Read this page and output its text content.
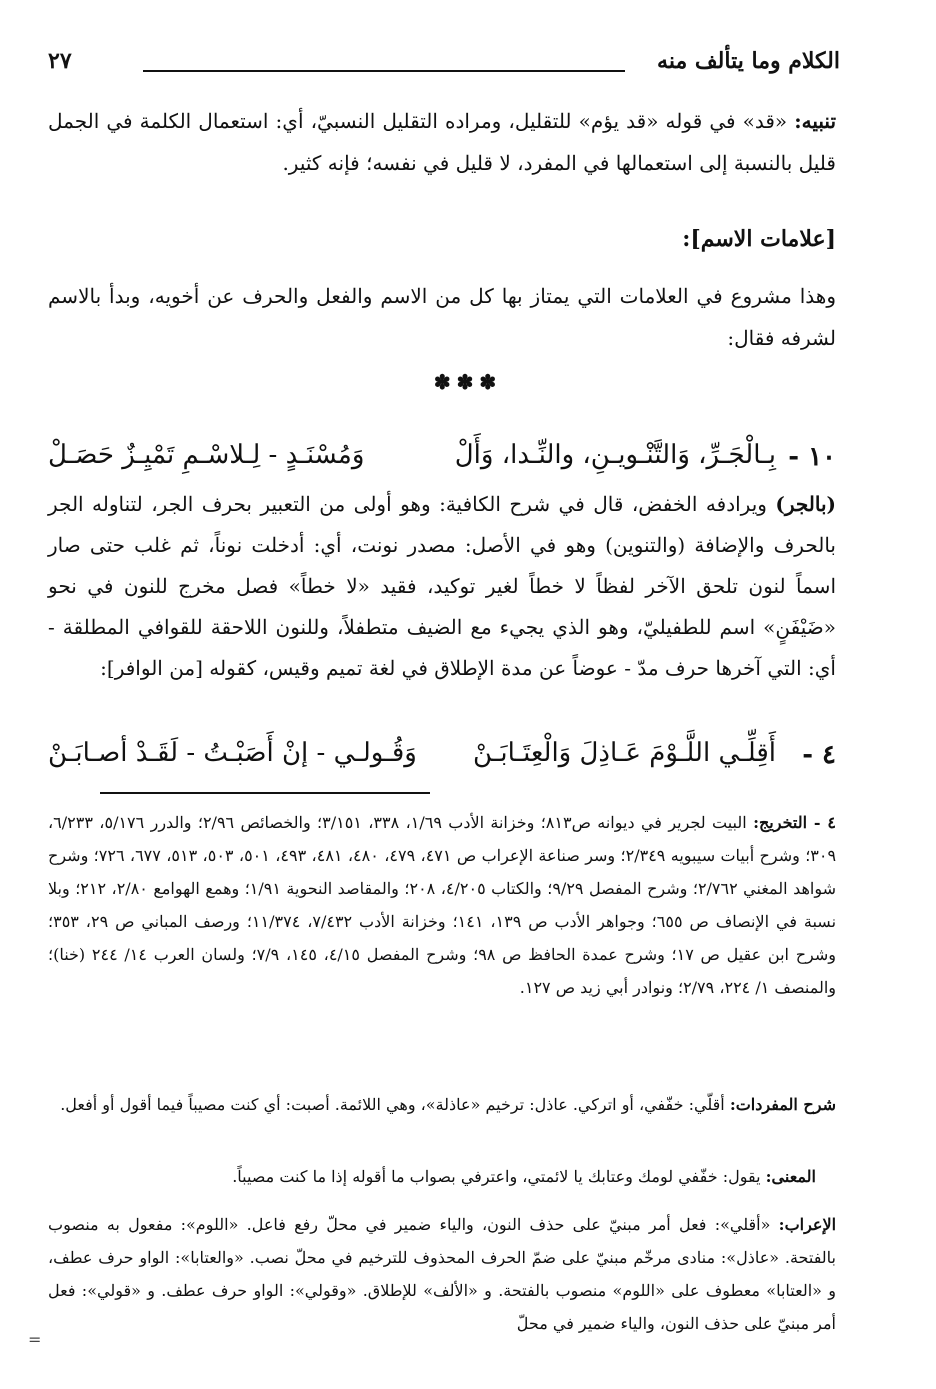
الكلام وما يتألف منه
٢٧
تنبيه: «قد» في قوله «قد يؤم» للتقليل، ومراده التقليل النسبيّ، أي: استعمال الكلمة في الجمل قليل بالنسبة إلى استعمالها في المفرد، لا قليل في نفسه؛ فإنه كثير.
[علامات الاسم]:
وهذا مشروع في العلامات التي يمتاز بها كل من الاسم والفعل والحرف عن أخويه، وبدأ بالاسم لشرفه فقال:
✽✽✽
١٠ -
بِـالْجَـرِّ، وَالتَّنْـويـنِ، والنِّـدا، وَأَلْ
وَمُسْنَـدٍ - لِـلاسْـمِ تَمْيِـزٌ حَصَـلْ
(بالجر) ويرادفه الخفض، قال في شرح الكافية: وهو أولى من التعبير بحرف الجر، لتناوله الجر بالحرف والإضافة (والتنوين) وهو في الأصل: مصدر نونت، أي: أدخلت نوناً، ثم غلب حتى صار اسماً لنون تلحق الآخر لفظاً لا خطاً لغير توكيد، فقيد «لا خطاً» فصل مخرج للنون في نحو «ضَيْفَنٍ» اسم للطفيليّ، وهو الذي يجيء مع الضيف متطفلاً، وللنون اللاحقة للقوافي المطلقة - أي: التي آخرها حرف مدّ - عوضاً عن مدة الإطلاق في لغة تميم وقيس، كقوله [من الوافر]:
٤ -
أَقِلِّـي اللَّـوْمَ عَـاذِلَ وَالْعِتَـابَـنْ
وَقُـولـي - إنْ أَصَبْـتُ - لَقَـدْ أصـابَـنْ
٤ - التخريج: البيت لجرير في ديوانه ص٨١٣؛ وخزانة الأدب ١/٦٩، ٣٣٨، ٣/١٥١؛ والخصائص ٢/٩٦؛ والدرر ٥/١٧٦، ٦/٢٣٣، ٣٠٩؛ وشرح أبيات سيبويه ٢/٣٤٩؛ وسر صناعة الإعراب ص ٤٧١، ٤٧٩، ٤٨٠، ٤٨١، ٤٩٣، ٥٠١، ٥٠٣، ٥١٣، ٦٧٧، ٧٢٦؛ وشرح شواهد المغني ٢/٧٦٢؛ وشرح المفصل ٩/٢٩؛ والكتاب ٤/٢٠٥، ٢٠٨؛ والمقاصد النحوية ١/٩١؛ وهمع الهوامع ٢/٨٠، ٢١٢؛ وبلا نسبة في الإنصاف ص ٦٥٥؛ وجواهر الأدب ص ١٣٩، ١٤١؛ وخزانة الأدب ٧/٤٣٢، ١١/٣٧٤؛ ورصف المباني ص ٢٩، ٣٥٣؛ وشرح ابن عقيل ص ١٧؛ وشرح عمدة الحافظ ص ٩٨؛ وشرح المفصل ٤/١٥، ١٤٥، ٧/٩؛ ولسان العرب ١٤/ ٢٤٤ (خنا)؛ والمنصف ١/ ٢٢٤، ٢/٧٩؛ ونوادر أبي زيد ص ١٢٧.
شرح المفردات: أقلّي: خفّفي، أو اتركي. عاذل: ترخيم «عاذلة»، وهي اللائمة. أصبت: أي كنت مصيباً فيما أقول أو أفعل.
المعنى: يقول: خفّفي لومك وعتابك يا لائمتي، واعترفي بصواب ما أقوله إذا ما كنت مصيباً.
الإعراب: «أقلي»: فعل أمر مبنيّ على حذف النون، والياء ضمير في محلّ رفع فاعل. «اللوم»: مفعول به منصوب بالفتحة. «عاذل»: منادى مرخّم مبنيّ على ضمّ الحرف المحذوف للترخيم في محلّ نصب. «والعتابا»: الواو حرف عطف، و «العتابا» معطوف على «اللوم» منصوب بالفتحة. و «الألف» للإطلاق. «وقولي»: الواو حرف عطف. و «قولي»: فعل أمر مبنيّ على حذف النون، والياء ضمير في محلّ
=
